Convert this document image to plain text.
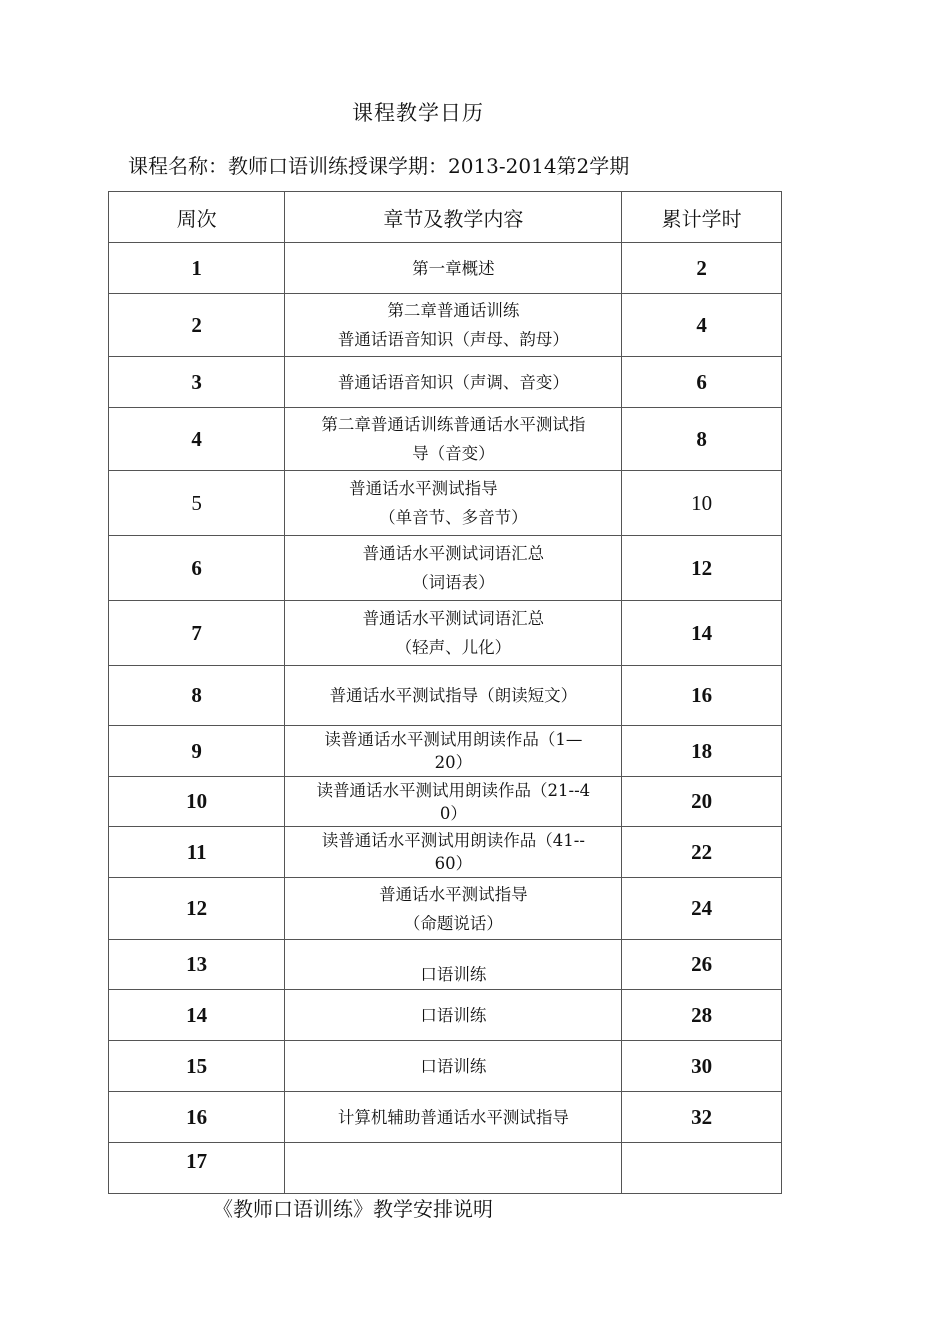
课程教学日历
课程名称：教师口语训练授课学期：2013-2014第2学期
周次	章节及教学内容	累计学时
1	第一章概述	2
2	第二章普通话训练
普通话语音知识（声母、韵母）	4
3	普通话语音知识（声调、音变）	6
4	第二章普通话训练普通话水平测试指
导（音变）	8
5	普通话水平测试指导
（单音节、多音节）	10
6	普通话水平测试词语汇总
（词语表）	12
7	普通话水平测试词语汇总
（轻声、儿化）	14
8	普通话水平测试指导（朗读短文）	16
9	读普通话水平测试用朗读作品（1—
20）	18
10	读普通话水平测试用朗读作品（21--4
0）	20
11	读普通话水平测试用朗读作品（41--
60）	22
12	普通话水平测试指导
（命题说话）	24
13	口语训练	26
14	口语训练	28
15	口语训练	30
16	计算机辅助普通话水平测试指导	32
17	

《教师口语训练》教学安排说明
